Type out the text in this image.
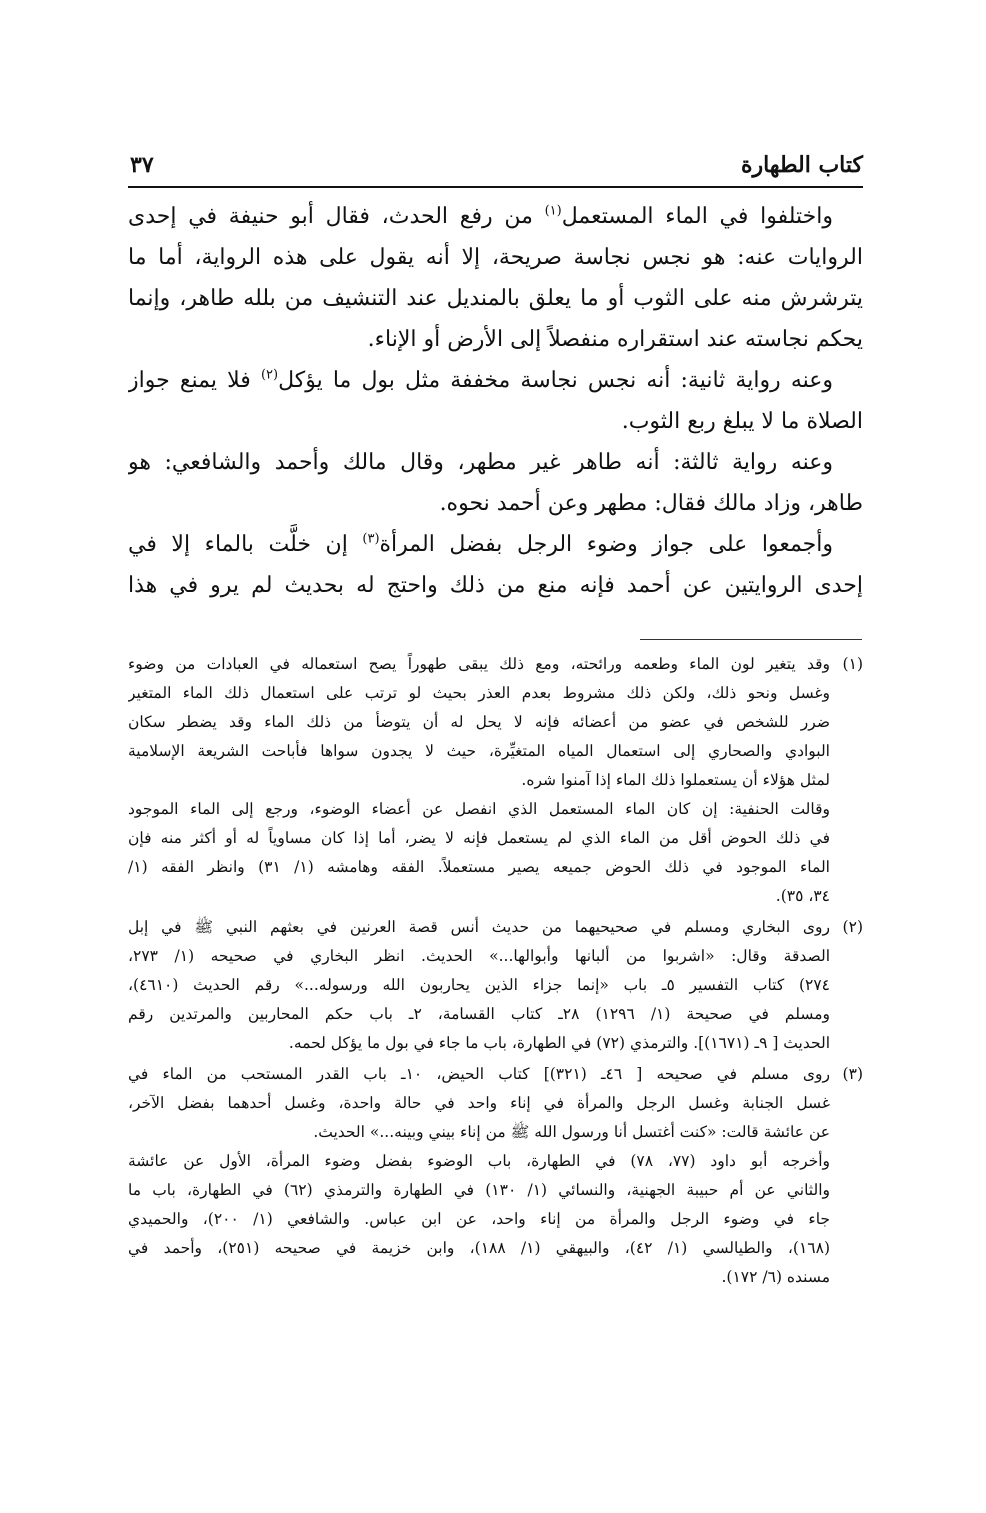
كتاب الطهارة
٣٧
واختلفوا في الماء المستعمل$^{(١)}$ من رفع الحدث، فقال أبو حنيفة في إحدى
الروايات عنه: هو نجس نجاسة صريحة، إلا أنه يقول على هذه الرواية، أما ما
يترشرش منه على الثوب أو ما يعلق بالمنديل عند التنشيف من بلله طاهر، وإنما
يحكم نجاسته عند استقراره منفصلاً إلى الأرض أو الإناء.
وعنه رواية ثانية: أنه نجس نجاسة مخففة مثل بول ما يؤكل$^{(٢)}$ فلا يمنع جواز
الصلاة ما لا يبلغ ربع الثوب.
وعنه رواية ثالثة: أنه طاهر غير مطهر، وقال مالك وأحمد والشافعي: هو
طاهر، وزاد مالك فقال: مطهر وعن أحمد نحوه.
وأجمعوا على جواز وضوء الرجل بفضل المرأة$^{(٣)}$ إن خلَّت بالماء إلا في
إحدى الروايتين عن أحمد فإنه منع من ذلك واحتج له بحديث لم يرو في هذا
(١)
وقد يتغير لون الماء وطعمه ورائحته، ومع ذلك يبقى طهوراً يصح استعماله في العبادات من وضوء
وغسل ونحو ذلك، ولكن ذلك مشروط بعدم العذر بحيث لو ترتب على استعمال ذلك الماء المتغير
ضرر للشخص في عضو من أعضائه فإنه لا يحل له أن يتوضأ من ذلك الماء وقد يضطر سكان
البوادي والصحاري إلى استعمال المياه المتغيِّرة، حيث لا يجدون سواها فأباحت الشريعة الإسلامية
لمثل هؤلاء أن يستعملوا ذلك الماء إذا آمنوا شره.
وقالت الحنفية: إن كان الماء المستعمل الذي انفصل عن أعضاء الوضوء، ورجع إلى الماء الموجود
في ذلك الحوض أقل من الماء الذي لم يستعمل فإنه لا يضر، أما إذا كان مساوياً له أو أكثر منه فإن
الماء الموجود في ذلك الحوض جميعه يصير مستعملاً. الفقه وهامشه (١/ ٣١) وانظر الفقه (١/
٣٤، ٣٥).
(٢)
روى البخاري ومسلم في صحيحيهما من حديث أنس قصة العرنين في بعثهم النبي ﷺ في إبل
الصدقة وقال: «اشربوا من ألبانها وأبوالها...» الحديث. انظر البخاري في صحيحه (١/ ٢٧٣،
٢٧٤) كتاب التفسير ٥ـ باب «إنما جزاء الذين يحاربون الله ورسوله...» رقم الحديث (٤٦١٠)،
ومسلم في صحيحة (١/ ١٢٩٦) ٢٨ـ كتاب القسامة، ٢ـ باب حكم المحاربين والمرتدين رقم
الحديث [ ٩ـ (١٦٧١)]. والترمذي (٧٢) في الطهارة، باب ما جاء في بول ما يؤكل لحمه.
(٣)
روى مسلم في صحيحه [ ٤٦ـ (٣٢١)] كتاب الحيض، ١٠ـ باب القدر المستحب من الماء في
غسل الجنابة وغسل الرجل والمرأة في إناء واحد في حالة واحدة، وغسل أحدهما بفضل الآخر،
عن عائشة قالت: «كنت أغتسل أنا ورسول الله ﷺ من إناء بيني وبينه...» الحديث.
وأخرجه أبو داود (٧٧، ٧٨) في الطهارة، باب الوضوء بفضل وضوء المرأة، الأول عن عائشة
والثاني عن أم حبيبة الجهنية، والنسائي (١/ ١٣٠) في الطهارة والترمذي (٦٢) في الطهارة، باب ما
جاء في وضوء الرجل والمرأة من إناء واحد، عن ابن عباس. والشافعي (١/ ٢٠٠)، والحميدي
(١٦٨)، والطيالسي (١/ ٤٢)، والبيهقي (١/ ١٨٨)، وابن خزيمة في صحيحه (٢٥١)، وأحمد في
مسنده (٦/ ١٧٢).
